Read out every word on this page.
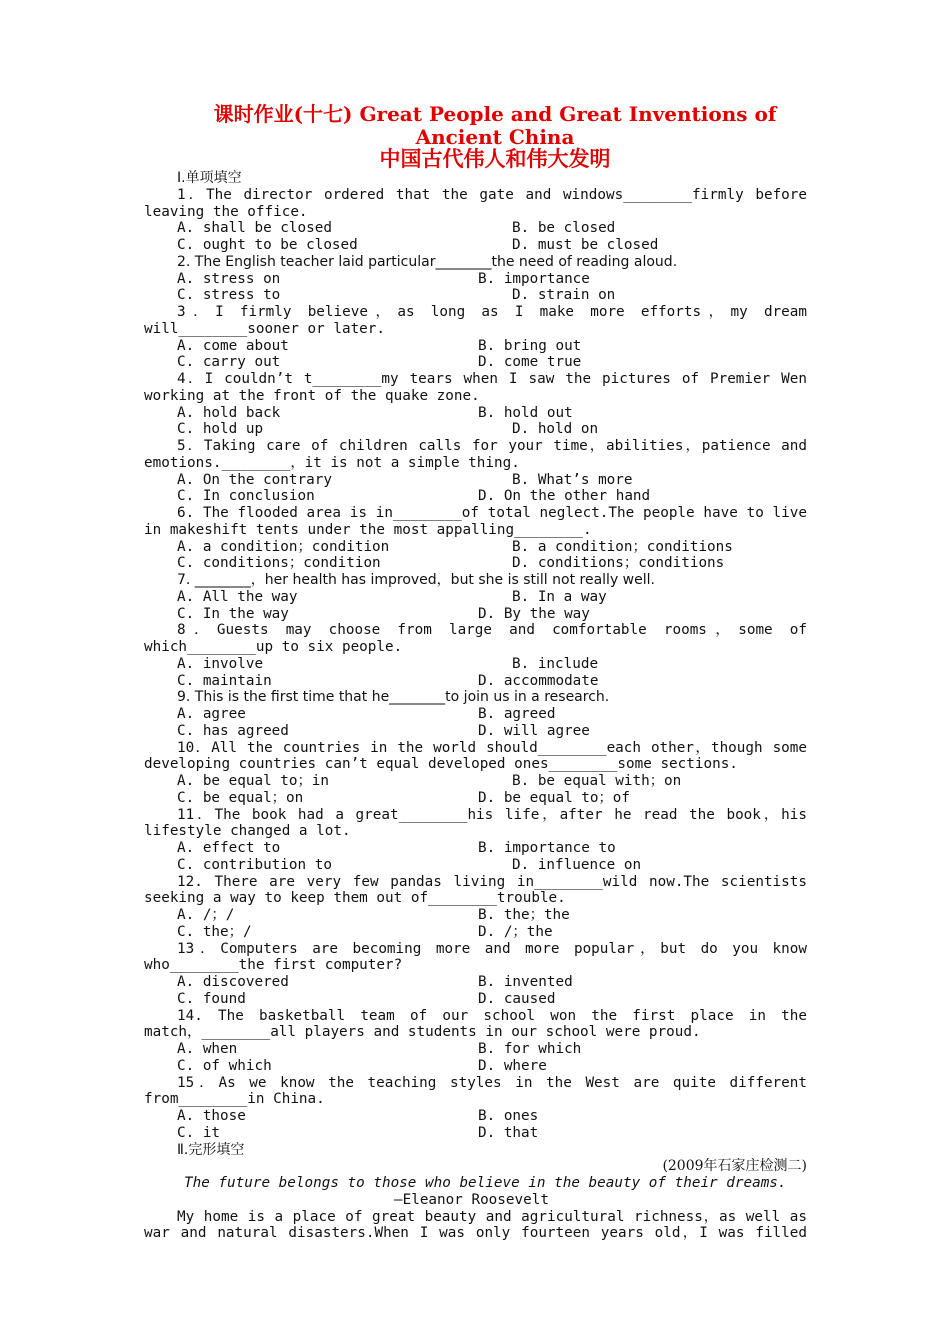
课时作业(十七) Great People and Great Inventions of
Ancient China
中国古代伟人和伟大发明
Ⅰ.单项填空
1．The director ordered that the gate and windows________firmly before
leaving the office.
A. shall be closed	B. be closed
C. ought to be closed	D. must be closed
2. The English teacher laid particular________the need of reading aloud.
A. stress on	B. importance
C. stress to	D. strain on
3．I firmly believe，as long as I make more efforts，my dream
will________sooner or later.
A. come about	B. bring out
C. carry out	D. come true
4．I couldn’t t________my tears when I saw the pictures of Premier Wen
working at the front of the quake zone.
A. hold back	B. hold out
C. hold up	D. hold on
5．Taking care of children calls for your time，abilities，patience and
emotions.________，it is not a simple thing.
A. On the contrary	B. What’s more
C. In conclusion	D. On the other hand
6. The flooded area is in________of total neglect.The people have to live
in makeshift tents under the most appalling________.
A. a condition；condition	B. a condition；conditions
C. conditions；condition	D. conditions；conditions
7. ________，her health has improved，but she is still not really well.
A. All the way	B. In a way
C. In the way	D. By the way
8．Guests may choose from large and comfortable rooms，some of
which________up to six people.
A. involve	B. include
C. maintain	D. accommodate
9. This is the first time that he________to join us in a research.
A. agree	B. agreed
C. has agreed	D. will agree
10．All the countries in the world should________each other，though some
developing countries can’t equal developed ones________some sections.
A. be equal to；in	B. be equal with；on
C. be equal；on	D. be equal to；of
11．The book had a great________his life，after he read the book，his
lifestyle changed a lot.
A. effect to	B. importance to
C. contribution to	D. influence on
12. There are very few pandas living in________wild now.The scientists
seeking a way to keep them out of________trouble.
A. /；/	B. the；the
C. the；/	D. /；the
13．Computers are becoming more and more popular，but do you know
who________the first computer?
A. discovered	B. invented
C. found	D. caused
14. The basketball team of our school won the first place in the
match，________all players and students in our school were proud.
A. when	B. for which
C. of which	D. where
15．As we know the teaching styles in the West are quite different
from________in China.
A. those	B. ones
C. it	D. that
Ⅱ.完形填空
(2009年石家庄检测二)
The future belongs to those who believe in the beauty of their dreams.
—Eleanor Roosevelt
My home is a place of great beauty and agricultural richness，as well as
war and natural disasters.When I was only fourteen years old，I was filled
